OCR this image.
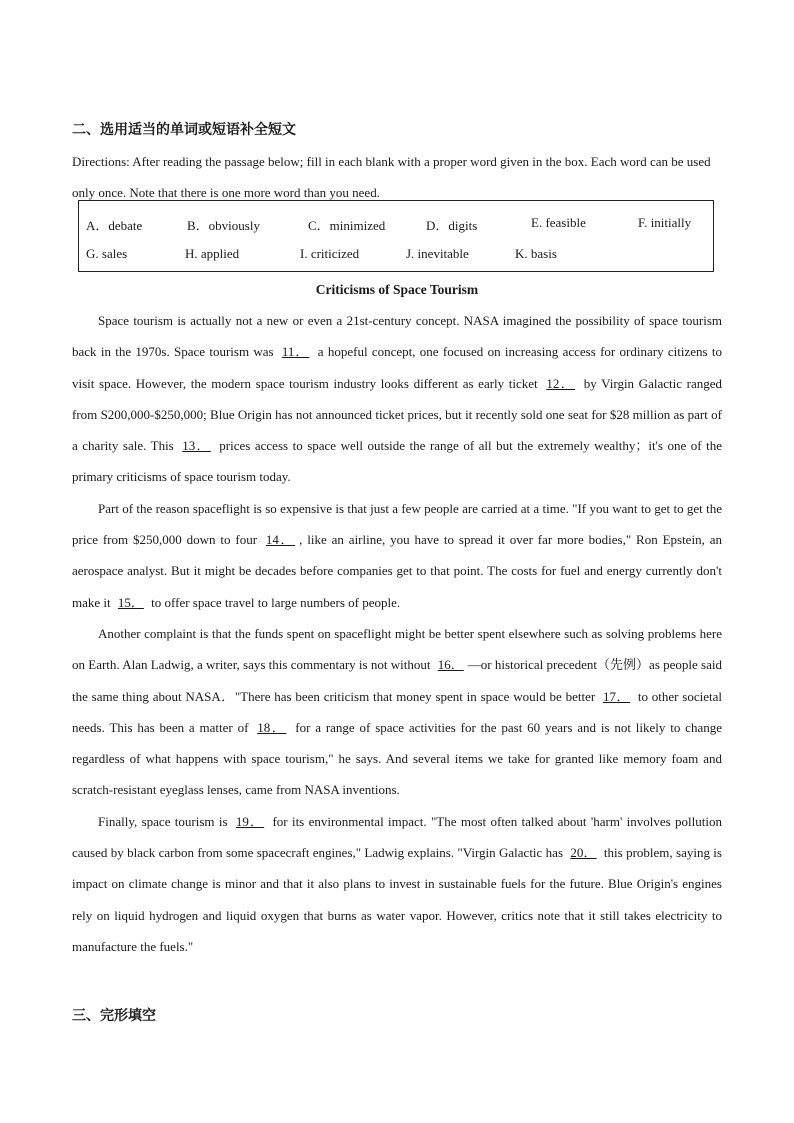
二、选用适当的单词或短语补全短文
Directions: After reading the passage below; fill in each blank with a proper word given in the box. Each word can be used only once. Note that there is one more word than you need.
A．debate	B．obviously	C．minimized	D．digits	E. feasible	F. initially
G. sales	H. applied	I. criticized	J. inevitable	K. basis
Criticisms of Space Tourism

Space tourism is actually not a new or even a 21st-century concept. NASA imagined the possibility of space tourism back in the 1970s. Space tourism was 11． a hopeful concept, one focused on increasing access for ordinary citizens to visit space. However, the modern space tourism industry looks different as early ticket 12． by Virgin Galactic ranged from S200,000-$250,000; Blue Origin has not announced ticket prices, but it recently sold one seat for $28 million as part of a charity sale. This 13． prices access to space well outside the range of all but the extremely wealthy；it's one of the primary criticisms of space tourism today.

Part of the reason spaceflight is so expensive is that just a few people are carried at a time. "If you want to get to get the price from $250,000 down to four 14． , like an airline, you have to spread it over far more bodies," Ron Epstein, an aerospace analyst. But it might be decades before companies get to that point. The costs for fuel and energy currently don't make it 15． to offer space travel to large numbers of people.

Another complaint is that the funds spent on spaceflight might be better spent elsewhere such as solving problems here on Earth. Alan Ladwig, a writer, says this commentary is not without 16． —or historical precedent（先例）as people said the same thing about NASA．"There has been criticism that money spent in space would be better 17． to other societal needs. This has been a matter of 18． for a range of space activities for the past 60 years and is not likely to change regardless of what happens with space tourism," he says. And several items we take for granted like memory foam and scratch-resistant eyeglass lenses, came from NASA inventions.

Finally, space tourism is 19． for its environmental impact. "The most often talked about 'harm' involves pollution caused by black carbon from some spacecraft engines," Ladwig explains. "Virgin Galactic has 20． this problem, saying is impact on climate change is minor and that it also plans to invest in sustainable fuels for the future. Blue Origin's engines rely on liquid hydrogen and liquid oxygen that burns as water vapor. However, critics note that it still takes electricity to manufacture the fuels."

三、完形填空
